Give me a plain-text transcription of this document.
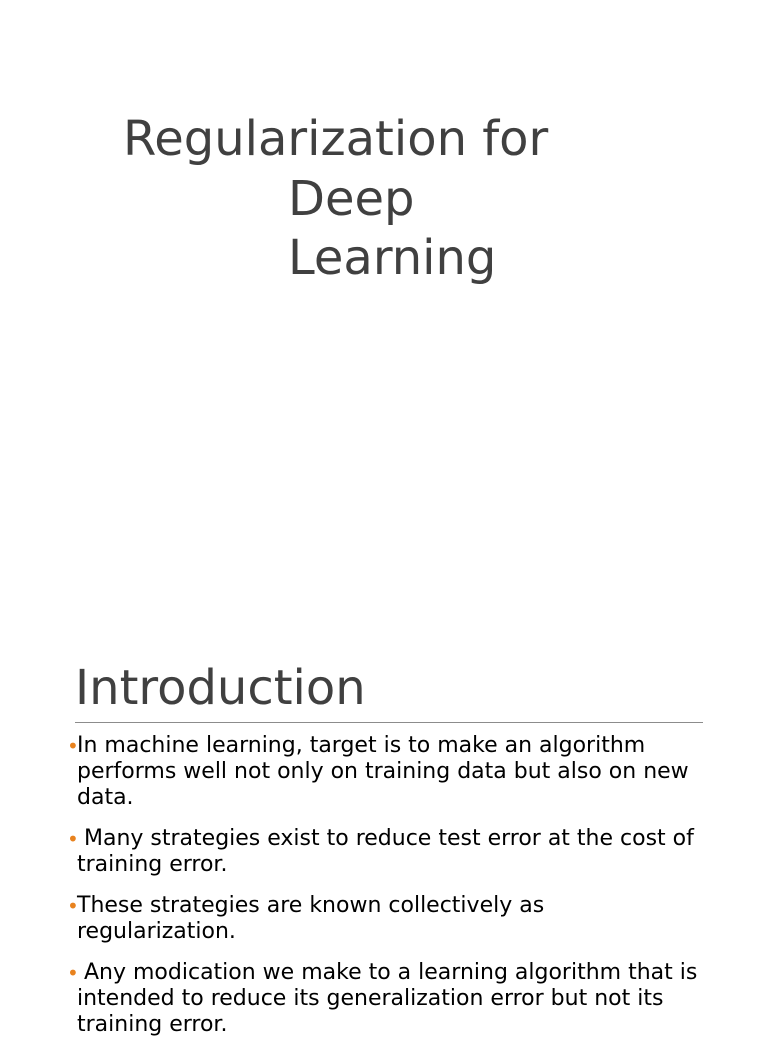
Regularization for
Deep
Learning
Introduction
•
In machine learning, target is to make an algorithm performs well not only on training data but also on new data.
•
Many strategies exist to reduce test error at the cost of training error.
•
These strategies are known collectively as regularization.
•
Any modication we make to a learning algorithm that is intended to reduce its generalization error but not its training error.
